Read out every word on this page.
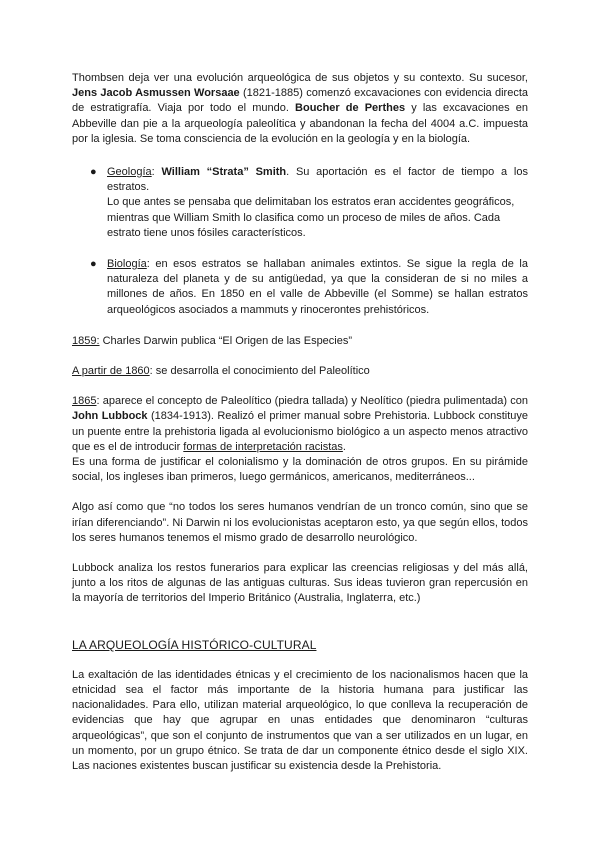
Thombsen deja ver una evolución arqueológica de sus objetos y su contexto. Su sucesor, Jens Jacob Asmussen Worsaae (1821-1885) comenzó excavaciones con evidencia directa de estratigrafía. Viaja por todo el mundo. Boucher de Perthes y las excavaciones en Abbeville dan pie a la arqueología paleolítica y abandonan la fecha del 4004 a.C. impuesta por la iglesia. Se toma consciencia de la evolución en la geología y en la biología.

● Geología: William “Strata” Smith. Su aportación es el factor de tiempo a los estratos.

Lo que antes se pensaba que delimitaban los estratos eran accidentes geográficos, mientras que William Smith lo clasifica como un proceso de miles de años. Cada estrato tiene unos fósiles característicos.

● Biología: en esos estratos se hallaban animales extintos. Se sigue la regla de la naturaleza del planeta y de su antigüedad, ya que la consideran de si no miles a millones de años. En 1850 en el valle de Abbeville (el Somme) se hallan estratos arqueológicos asociados a mammuts y rinocerontes prehistóricos.

1859: Charles Darwin publica “El Origen de las Especies”

A partir de 1860: se desarrolla el conocimiento del Paleolítico

1865: aparece el concepto de Paleolítico (piedra tallada) y Neolítico (piedra pulimentada) con John Lubbock (1834-1913). Realizó el primer manual sobre Prehistoria. Lubbock constituye un puente entre la prehistoria ligada al evolucionismo biológico a un aspecto menos atractivo que es el de introducir formas de interpretación racistas.

Es una forma de justificar el colonialismo y la dominación de otros grupos. En su pirámide social, los ingleses iban primeros, luego germánicos, americanos, mediterráneos...

Algo así como que “no todos los seres humanos vendrían de un tronco común, sino que se irían diferenciando”. Ni Darwin ni los evolucionistas aceptaron esto, ya que según ellos, todos los seres humanos tenemos el mismo grado de desarrollo neurológico.

Lubbock analiza los restos funerarios para explicar las creencias religiosas y del más allá, junto a los ritos de algunas de las antiguas culturas. Sus ideas tuvieron gran repercusión en la mayoría de territorios del Imperio Británico (Australia, Inglaterra, etc.)

LA ARQUEOLOGÍA HISTÓRICO-CULTURAL

La exaltación de las identidades étnicas y el crecimiento de los nacionalismos hacen que la etnicidad sea el factor más importante de la historia humana para justificar las nacionalidades. Para ello, utilizan material arqueológico, lo que conlleva la recuperación de evidencias que hay que agrupar en unas entidades que denominaron “culturas arqueológicas”, que son el conjunto de instrumentos que van a ser utilizados en un lugar, en un momento, por un grupo étnico. Se trata de dar un componente étnico desde el siglo XIX. Las naciones existentes buscan justificar su existencia desde la Prehistoria.
